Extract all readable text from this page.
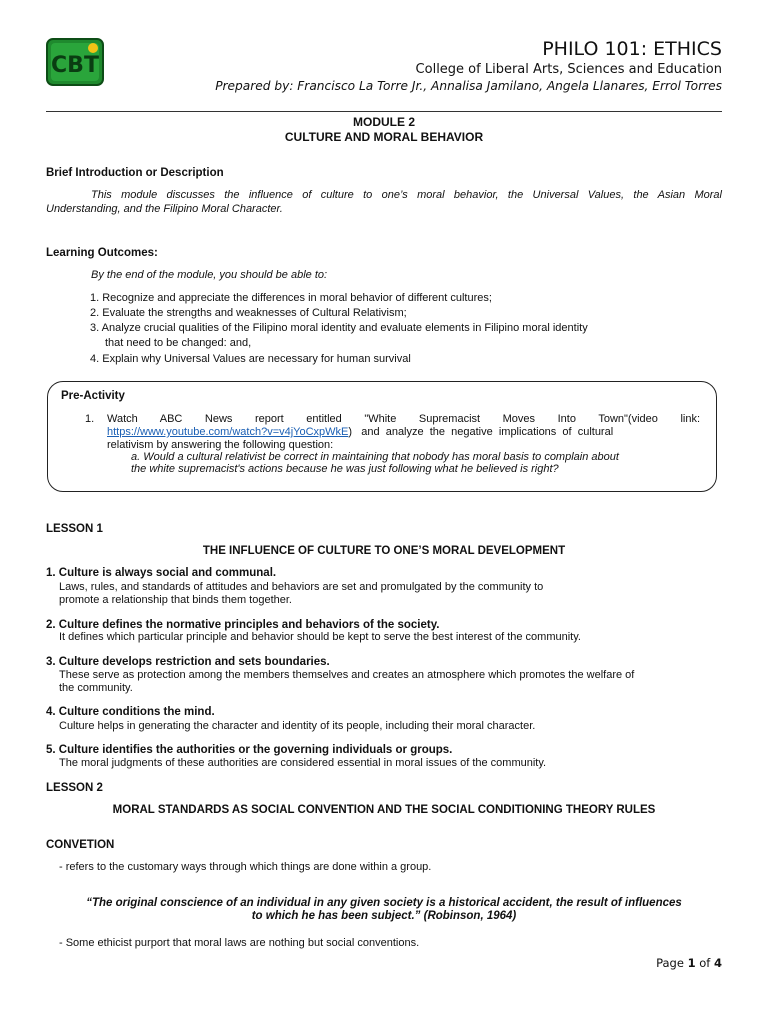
CBT
PHILO 101: ETHICS
College of Liberal Arts, Sciences and Education
Prepared by: Francisco La Torre Jr., Annalisa Jamilano, Angela Llanares, Errol Torres
MODULE 2
CULTURE AND MORAL BEHAVIOR
Brief Introduction or Description
This module discusses the influence of culture to one’s moral behavior, the Universal Values, the Asian Moral
Understanding, and the Filipino Moral Character.
Learning Outcomes:
By the end of the module, you should be able to:
1. Recognize and appreciate the differences in moral behavior of different cultures;
2. Evaluate the strengths and weaknesses of Cultural Relativism;
3. Analyze crucial qualities of the Filipino moral identity and evaluate elements in Filipino moral identity
that need to be changed: and,
4. Explain why Universal Values are necessary for human survival
Pre-Activity
1. Watch ABC News report entitled "White Supremacist Moves Into Town"(video link:
https://www.youtube.com/watch?v=v4jYoCxpWkE)   and  analyze  the  negative  implications  of  cultural
relativism by answering the following question:
a. Would a cultural relativist be correct in maintaining that nobody has moral basis to complain about
the white supremacist's actions because he was just following what he believed is right?
LESSON 1
THE INFLUENCE OF CULTURE TO ONE’S MORAL DEVELOPMENT
1. Culture is always social and communal.
Laws, rules, and standards of attitudes and behaviors are set and promulgated by the community to
promote a relationship that binds them together.
2. Culture defines the normative principles and behaviors of the society.
It defines which particular principle and behavior should be kept to serve the best interest of the community.
3. Culture develops restriction and sets boundaries.
These serve as protection among the members themselves and creates an atmosphere which promotes the welfare of
the community.
4. Culture conditions the mind.
Culture helps in generating the character and identity of its people, including their moral character.
5. Culture identifies the authorities or the governing individuals or groups.
The moral judgments of these authorities are considered essential in moral issues of the community.
LESSON 2
MORAL STANDARDS AS SOCIAL CONVENTION AND THE SOCIAL CONDITIONING THEORY RULES
CONVETION
- refers to the customary ways through which things are done within a group.
“The original conscience of an individual in any given society is a historical accident, the result of influences
to which he has been subject.” (Robinson, 1964)
- Some ethicist purport that moral laws are nothing but social conventions.
Page 1 of 4
